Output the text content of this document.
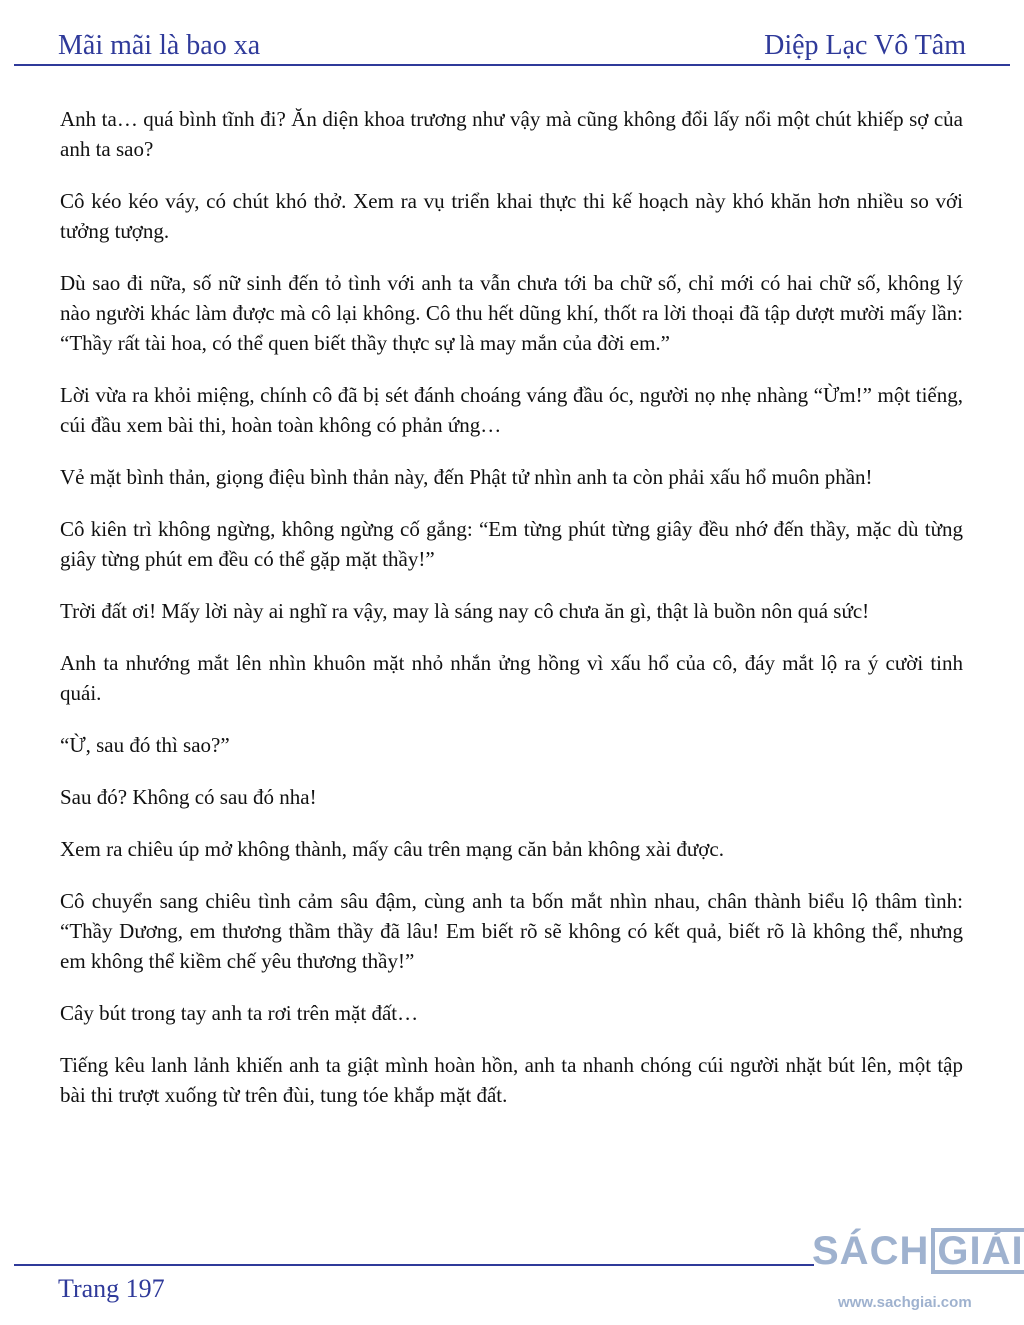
Mãi mãi là bao xa	Diệp Lạc Vô Tâm

Anh ta… quá bình tĩnh đi? Ăn diện khoa trương như vậy mà cũng không đổi lấy nổi một chút khiếp sợ của anh ta sao?

Cô kéo kéo váy, có chút khó thở. Xem ra vụ triển khai thực thi kế hoạch này khó khăn hơn nhiều so với tưởng tượng.

Dù sao đi nữa, số nữ sinh đến tỏ tình với anh ta vẫn chưa tới ba chữ số, chỉ mới có hai chữ số, không lý nào người khác làm được mà cô lại không. Cô thu hết dũng khí, thốt ra lời thoại đã tập dượt mười mấy lần: “Thầy rất tài hoa, có thể quen biết thầy thực sự là may mắn của đời em.”

Lời vừa ra khỏi miệng, chính cô đã bị sét đánh choáng váng đầu óc, người nọ nhẹ nhàng “Ừm!” một tiếng, cúi đầu xem bài thi, hoàn toàn không có phản ứng…

Vẻ mặt bình thản, giọng điệu bình thản này, đến Phật tử nhìn anh ta còn phải xấu hổ muôn phần!

Cô kiên trì không ngừng, không ngừng cố gắng: “Em từng phút từng giây đều nhớ đến thầy, mặc dù từng giây từng phút em đều có thể gặp mặt thầy!”

Trời đất ơi! Mấy lời này ai nghĩ ra vậy, may là sáng nay cô chưa ăn gì, thật là buồn nôn quá sức!

Anh ta nhướng mắt lên nhìn khuôn mặt nhỏ nhắn ửng hồng vì xấu hổ của cô, đáy mắt lộ ra ý cười tinh quái.

“Ừ, sau đó thì sao?”

Sau đó? Không có sau đó nha!

Xem ra chiêu úp mở không thành, mấy câu trên mạng căn bản không xài được.

Cô chuyển sang chiêu tình cảm sâu đậm, cùng anh ta bốn mắt nhìn nhau, chân thành biểu lộ thâm tình: “Thầy Dương, em thương thầm thầy đã lâu! Em biết rõ sẽ không có kết quả, biết rõ là không thể, nhưng em không thể kiềm chế yêu thương thầy!”

Cây bút trong tay anh ta rơi trên mặt đất…

Tiếng kêu lanh lảnh khiến anh ta giật mình hoàn hồn, anh ta nhanh chóng cúi người nhặt bút lên, một tập bài thi trượt xuống từ trên đùi, tung tóe khắp mặt đất.

Trang 197
SÁCH GIẢI
www.sachgiai.com
